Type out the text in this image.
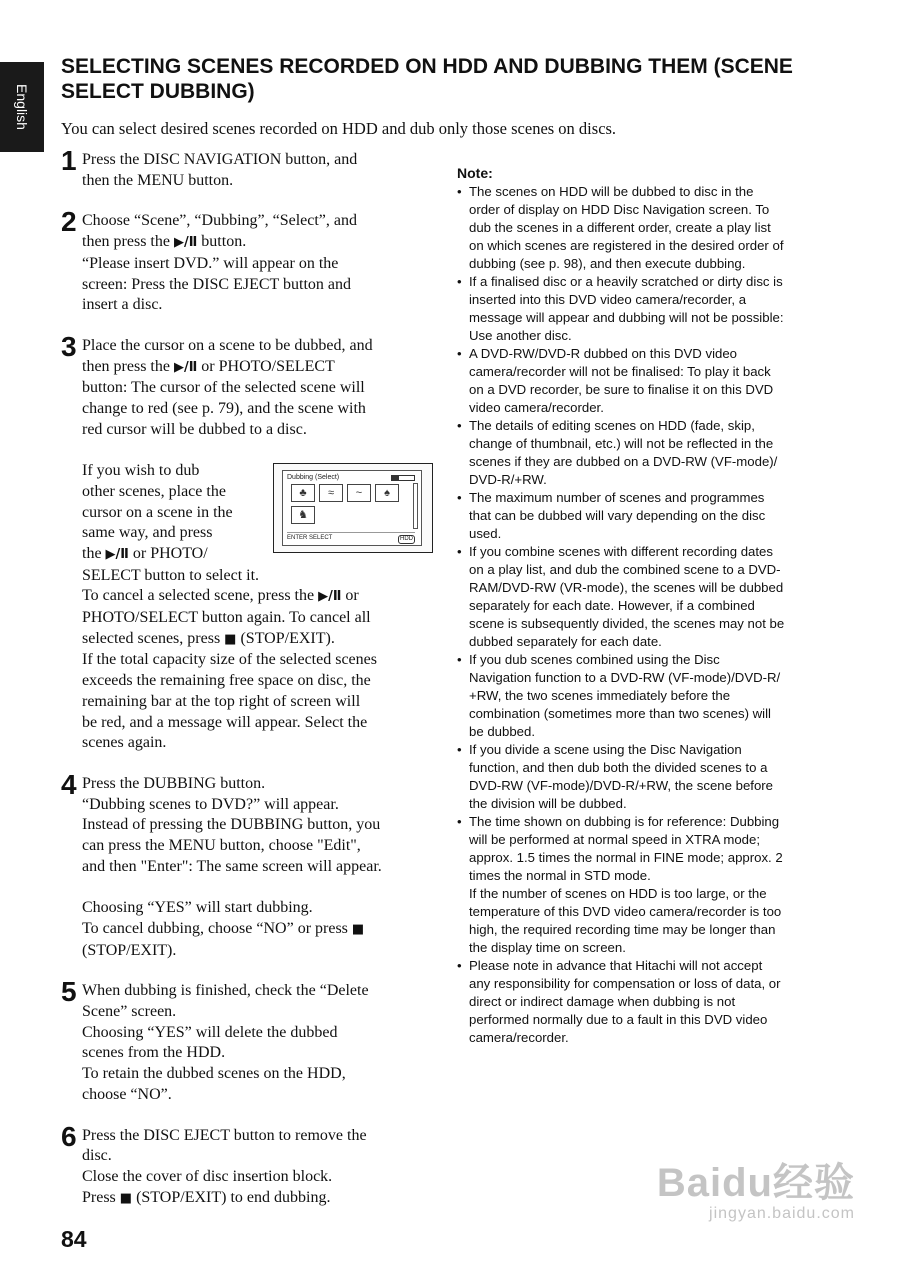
English
SELECTING SCENES RECORDED ON HDD AND DUBBING THEM (SCENE SELECT DUBBING)

You can select desired scenes recorded on HDD and dub only those scenes on discs.

1 Press the DISC NAVIGATION button, and
then the MENU button.
2 Choose “Scene”, “Dubbing”, “Select”, and
then press the ▶/Ⅱ button.
“Please insert DVD.” will appear on the
screen: Press the DISC EJECT button and
insert a disc.
3 Place the cursor on a scene to be dubbed, and
then press the ▶/Ⅱ or PHOTO/SELECT
button: The cursor of the selected scene will
change to red (see p. 79), and the scene with
red cursor will be dubbed to a disc.
Dubbing (Select)
♣	≈	~	♠
♞
ENTER SELECT	HDD
If you wish to dub
other scenes, place the
cursor on a scene in the
same way, and press
the ▶/Ⅱ or PHOTO/
SELECT button to select it.
To cancel a selected scene, press the ▶/Ⅱ or
PHOTO/SELECT button again. To cancel all
selected scenes, press ■ (STOP/EXIT).
If the total capacity size of the selected scenes
exceeds the remaining free space on disc, the
remaining bar at the top right of screen will
be red, and a message will appear. Select the
scenes again.
4 Press the DUBBING button.
“Dubbing scenes to DVD?” will appear.
Instead of pressing the DUBBING button, you
can press the MENU button, choose "Edit",
and then "Enter": The same screen will appear.
Choosing “YES” will start dubbing.
To cancel dubbing, choose “NO” or press ■
(STOP/EXIT).
5 When dubbing is finished, check the “Delete
Scene” screen.
Choosing “YES” will delete the dubbed
scenes from the HDD.
To retain the dubbed scenes on the HDD,
choose “NO”.
6 Press the DISC EJECT button to remove the
disc.
Close the cover of disc insertion block.
Press ■ (STOP/EXIT) to end dubbing.
Note:
• The scenes on HDD will be dubbed to disc in the
order of display on HDD Disc Navigation screen. To
dub the scenes in a different order, create a play list
on which scenes are registered in the desired order of
dubbing (see p. 98), and then execute dubbing.
• If a finalised disc or a heavily scratched or dirty disc is
inserted into this DVD video camera/recorder, a
message will appear and dubbing will not be possible:
Use another disc.
• A DVD-RW/DVD-R dubbed on this DVD video
camera/recorder will not be finalised: To play it back
on a DVD recorder, be sure to finalise it on this DVD
video camera/recorder.
• The details of editing scenes on HDD (fade, skip,
change of thumbnail, etc.) will not be reflected in the
scenes if they are dubbed on a DVD-RW (VF-mode)/
DVD-R/+RW.
• The maximum number of scenes and programmes
that can be dubbed will vary depending on the disc
used.
• If you combine scenes with different recording dates
on a play list, and dub the combined scene to a DVD-
RAM/DVD-RW (VR-mode), the scenes will be dubbed
separately for each date. However, if a combined
scene is subsequently divided, the scenes may not be
dubbed separately for each date.
• If you dub scenes combined using the Disc
Navigation function to a DVD-RW (VF-mode)/DVD-R/
+RW, the two scenes immediately before the
combination (sometimes more than two scenes) will
be dubbed.
• If you divide a scene using the Disc Navigation
function, and then dub both the divided scenes to a
DVD-RW (VF-mode)/DVD-R/+RW, the scene before
the division will be dubbed.
• The time shown on dubbing is for reference: Dubbing
will be performed at normal speed in XTRA mode;
approx. 1.5 times the normal in FINE mode; approx. 2
times the normal in STD mode.
If the number of scenes on HDD is too large, or the
temperature of this DVD video camera/recorder is too
high, the required recording time may be longer than
the display time on screen.
• Please note in advance that Hitachi will not accept
any responsibility for compensation or loss of data, or
direct or indirect damage when dubbing is not
performed normally due to a fault in this DVD video
camera/recorder.
84
Baidu经验
jingyan.baidu.com
